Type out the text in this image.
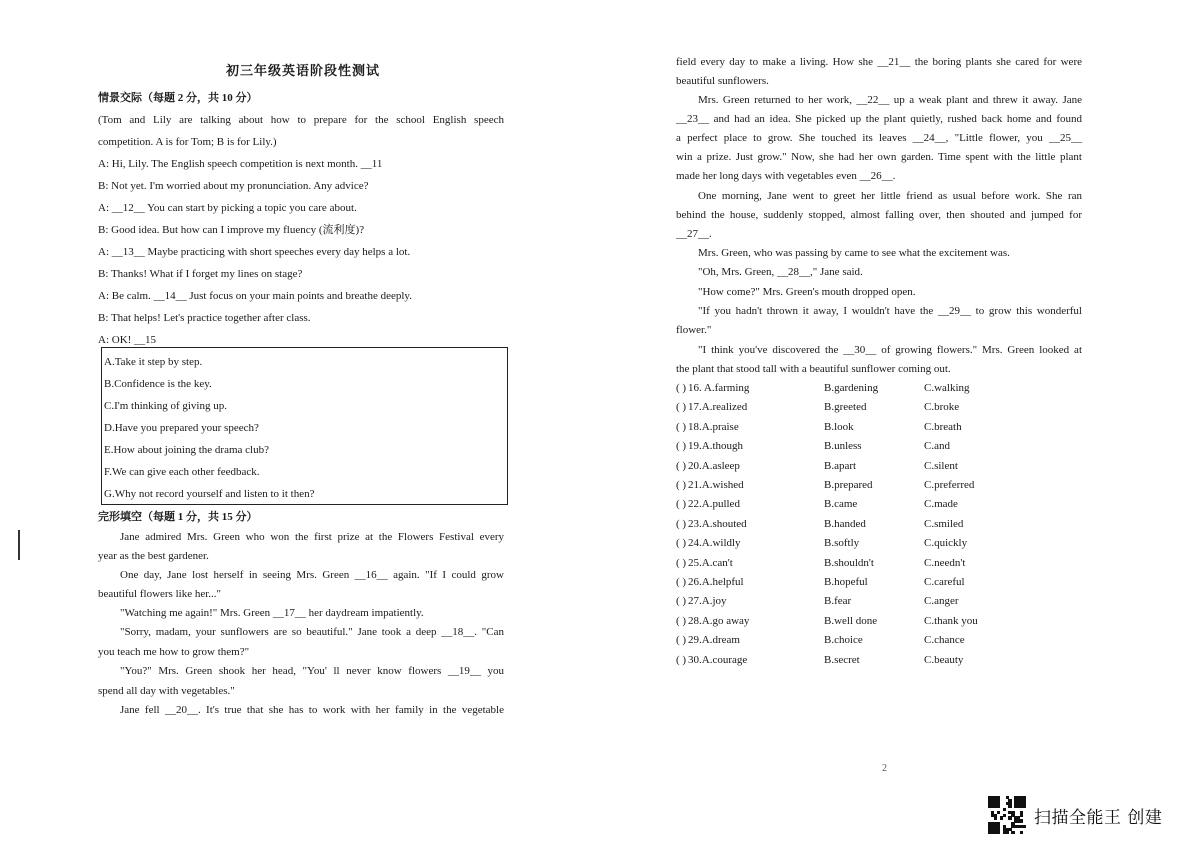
初三年级英语阶段性测试
情景交际（每题 2 分，共 10 分）
(Tom and Lily are talking about how to prepare for the school English speech
competition. A is for Tom; B is for Lily.)
A: Hi, Lily. The English speech competition is next month. __11
B: Not yet. I'm worried about my pronunciation. Any advice?
A: __12__ You can start by picking a topic you care about.
B: Good idea. But how can I improve my fluency (流利度)?
A: __13__ Maybe practicing with short speeches every day helps a lot.
B: Thanks! What if I forget my lines on stage?
A: Be calm. __14__ Just focus on your main points and breathe deeply.
B: That helps! Let's practice together after class.
A: OK! __15
完形填空（每题 1 分，共 15 分）
Jane admired Mrs. Green who won the first prize at the Flowers Festival every
year as the best gardener.
One day, Jane lost herself in seeing Mrs. Green __16__ again. "If I could grow
beautiful flowers like her..."
"Watching me again!" Mrs. Green __17__ her daydream impatiently.
"Sorry, madam, your sunflowers are so beautiful." Jane took a deep __18__. "Can
you teach me how to grow them?"
"You?" Mrs. Green shook her head, "You' ll never know flowers __19__ you
spend all day with vegetables."
Jane fell __20__. It's true that she has to work with her family in the vegetable
A.Take it step by step.
B.Confidence is the key.
C.I'm thinking of giving up.
D.Have you prepared your speech?
E.How about joining the drama club?
F.We can give each other feedback.
G.Why not record yourself and listen to it then?
field every day to make a living. How she __21__ the boring plants she cared for were
beautiful sunflowers.
Mrs. Green returned to her work, __22__ up a weak plant and threw it away. Jane
__23__ and had an idea. She picked up the plant quietly, rushed back home and found
a perfect place to grow. She touched its leaves __24__, "Little flower, you __25__
win a prize. Just grow." Now, she had her own garden. Time spent with the little plant
made her long days with vegetables even __26__.
One morning, Jane went to greet her little friend as usual before work. She ran
behind the house, suddenly stopped, almost falling over, then shouted and jumped for
__27__.
Mrs. Green, who was passing by came to see what the excitement was.
"Oh, Mrs. Green, __28__," Jane said.
"How come?" Mrs. Green's mouth dropped open.
"If you hadn't thrown it away, I wouldn't have the __29__ to grow this wonderful
flower."
"I think you've discovered the __30__ of growing flowers." Mrs. Green looked at
the plant that stood tall with a beautiful sunflower coming out.
( ) 16. A.farming	B.gardening	C.walking
( ) 17.A.realized	B.greeted	C.broke
( ) 18.A.praise	B.look	C.breath
( ) 19.A.though	B.unless	C.and
( ) 20.A.asleep	B.apart	C.silent
( ) 21.A.wished	B.prepared	C.preferred
( ) 22.A.pulled	B.came	C.made
( ) 23.A.shouted	B.handed	C.smiled
( ) 24.A.wildly	B.softly	C.quickly
( ) 25.A.can't	B.shouldn't	C.needn't
( ) 26.A.helpful	B.hopeful	C.careful
( ) 27.A.joy	B.fear	C.anger
( ) 28.A.go away	B.well done	C.thank you
( ) 29.A.dream	B.choice	C.chance
( ) 30.A.courage	B.secret	C.beauty
2
扫描全能王 创建
